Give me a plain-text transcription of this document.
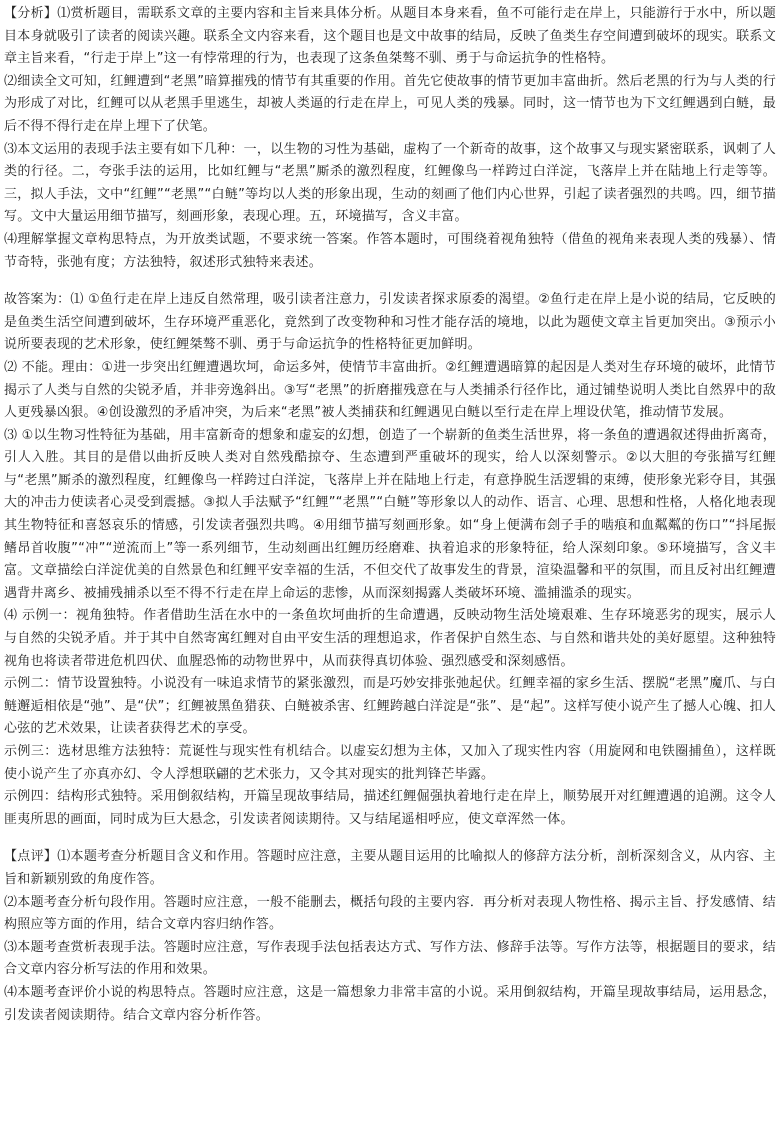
【分析】⑴赏析题目，需联系文章的主要内容和主旨来具体分析。从题目本身来看，鱼不可能行走在岸上，只能游行于水中，所以题目本身就吸引了读者的阅读兴趣。联系全文内容来看，这个题目也是文中故事的结局，反映了鱼类生存空间遭到破坏的现实。联系文章主旨来看，“行走于岸上”这一有悖常理的行为，也表现了这条鱼桀骜不驯、勇于与命运抗争的性格特。

⑵细读全文可知，红鲤遭到“老黑”暗算摧残的情节有其重要的作用。首先它使故事的情节更加丰富曲折。然后老黑的行为与人类的行为形成了对比，红鲤可以从老黑手里逃生，却被人类逼的行走在岸上，可见人类的残暴。同时，这一情节也为下文红鲤遇到白鲢，最后不得不得行走在岸上埋下了伏笔。

⑶本文运用的表现手法主要有如下几种：一，以生物的习性为基础，虚构了一个新奇的故事，这个故事又与现实紧密联系，讽刺了人类的行径。二，夸张手法的运用，比如红鲤与“老黑”厮杀的激烈程度，红鲤像鸟一样跨过白洋淀，飞落岸上并在陆地上行走等等。三，拟人手法，文中“红鲤”“老黑”“白鲢”等均以人类的形象出现，生动的刻画了他们内心世界，引起了读者强烈的共鸣。四，细节描写。文中大量运用细节描写，刻画形象，表现心理。五，环境描写，含义丰富。

⑷理解掌握文章构思特点，为开放类试题，不要求统一答案。作答本题时，可围绕着视角独特（借鱼的视角来表现人类的残暴）、情节奇特，张弛有度；方法独特，叙述形式独特来表述。

故答案为：⑴ ①鱼行走在岸上违反自然常理，吸引读者注意力，引发读者探求原委的渴望。②鱼行走在岸上是小说的结局，它反映的是鱼类生活空间遭到破坏，生存环境严重恶化，竟然到了改变物种和习性才能存活的境地，以此为题使文章主旨更加突出。③预示小说所要表现的艺术形象，使红鲤桀骜不驯、勇于与命运抗争的性格特征更加鲜明。

⑵ 不能。理由：①进一步突出红鲤遭遇坎坷，命运多舛，使情节丰富曲折。②红鲤遭遇暗算的起因是人类对生存环境的破坏，此情节揭示了人类与自然的尖锐矛盾，并非旁逸斜出。③写“老黑”的折磨摧残意在与人类捕杀行径作比，通过铺垫说明人类比自然界中的敌人更残暴凶狠。④创设激烈的矛盾冲突，为后来“老黑”被人类捕获和红鲤遇见白鲢以至行走在岸上埋设伏笔，推动情节发展。

⑶ ①以生物习性特征为基础，用丰富新奇的想象和虚妄的幻想，创造了一个崭新的鱼类生活世界，将一条鱼的遭遇叙述得曲折离奇，引人入胜。其目的是借以曲折反映人类对自然残酷掠夺、生态遭到严重破坏的现实，给人以深刻警示。②以大胆的夸张描写红鲤与“老黑”厮杀的激烈程度，红鲤像鸟一样跨过白洋淀，飞落岸上并在陆地上行走，有意挣脱生活逻辑的束缚，使形象光彩夺目，其强大的冲击力使读者心灵受到震撼。③拟人手法赋予“红鲤”“老黑”“白鲢”等形象以人的动作、语言、心理、思想和性格，人格化地表现其生物特征和喜怒哀乐的情感，引发读者强烈共鸣。④用细节描写刻画形象。如“身上便满布刽子手的啮痕和血粼粼的伤口”“抖尾振鳍昂首收腹”“冲”“逆流而上”等一系列细节，生动刻画出红鲤历经磨难、执着追求的形象特征，给人深刻印象。⑤环境描写，含义丰富。文章描绘白洋淀优美的自然景色和红鲤平安幸福的生活，不但交代了故事发生的背景，渲染温馨和平的氛围，而且反衬出红鲤遭遇背井离乡、被捕残捕杀以至不得不行走在岸上命运的悲惨，从而深刻揭露人类破坏环境、滥捕滥杀的现实。

⑷ 示例一：视角独特。作者借助生活在水中的一条鱼坎坷曲折的生命遭遇，反映动物生活处境艰难、生存环境恶劣的现实，展示人与自然的尖锐矛盾。并于其中自然寄寓红鲤对自由平安生活的理想追求，作者保护自然生态、与自然和谐共处的美好愿望。这种独特视角也将读者带进危机四伏、血腥恐怖的动物世界中，从而获得真切体验、强烈感受和深刻感悟。

示例二：情节设置独特。小说没有一味追求情节的紧张激烈，而是巧妙安排张弛起伏。红鲤幸福的家乡生活、摆脱“老黑”魔爪、与白鲢邂逅相依是“弛”、是“伏”；红鲤被黑鱼猎获、白鲢被杀害、红鲤跨越白洋淀是“张”、是“起”。这样写使小说产生了撼人心魄、扣人心弦的艺术效果，让读者获得艺术的享受。

示例三：选材思维方法独特：荒诞性与现实性有机结合。以虚妄幻想为主体，又加入了现实性内容（用旋网和电铁圈捕鱼），这样既使小说产生了亦真亦幻、令人浮想联翩的艺术张力，又令其对现实的批判锋芒毕露。

示例四：结构形式独特。采用倒叙结构，开篇呈现故事结局，描述红鲤倔强执着地行走在岸上，顺势展开对红鲤遭遇的追溯。这令人匪夷所思的画面，同时成为巨大悬念，引发读者阅读期待。又与结尾遥相呼应，使文章浑然一体。

【点评】⑴本题考查分析题目含义和作用。答题时应注意，主要从题目运用的比喻拟人的修辞方法分析，剖析深刻含义，从内容、主旨和新颖别致的角度作答。

⑵本题考查分析句段作用。答题时应注意，一般不能删去，概括句段的主要内容．再分析对表现人物性格、揭示主旨、抒发感情、结构照应等方面的作用，结合文章内容归纳作答。

⑶本题考查赏析表现手法。答题时应注意，写作表现手法包括表达方式、写作方法、修辞手法等。写作方法等，根据题目的要求，结合文章内容分析写法的作用和效果。

⑷本题考查评价小说的构思特点。答题时应注意，这是一篇想象力非常丰富的小说。采用倒叙结构，开篇呈现故事结局，运用悬念，引发读者阅读期待。结合文章内容分析作答。
